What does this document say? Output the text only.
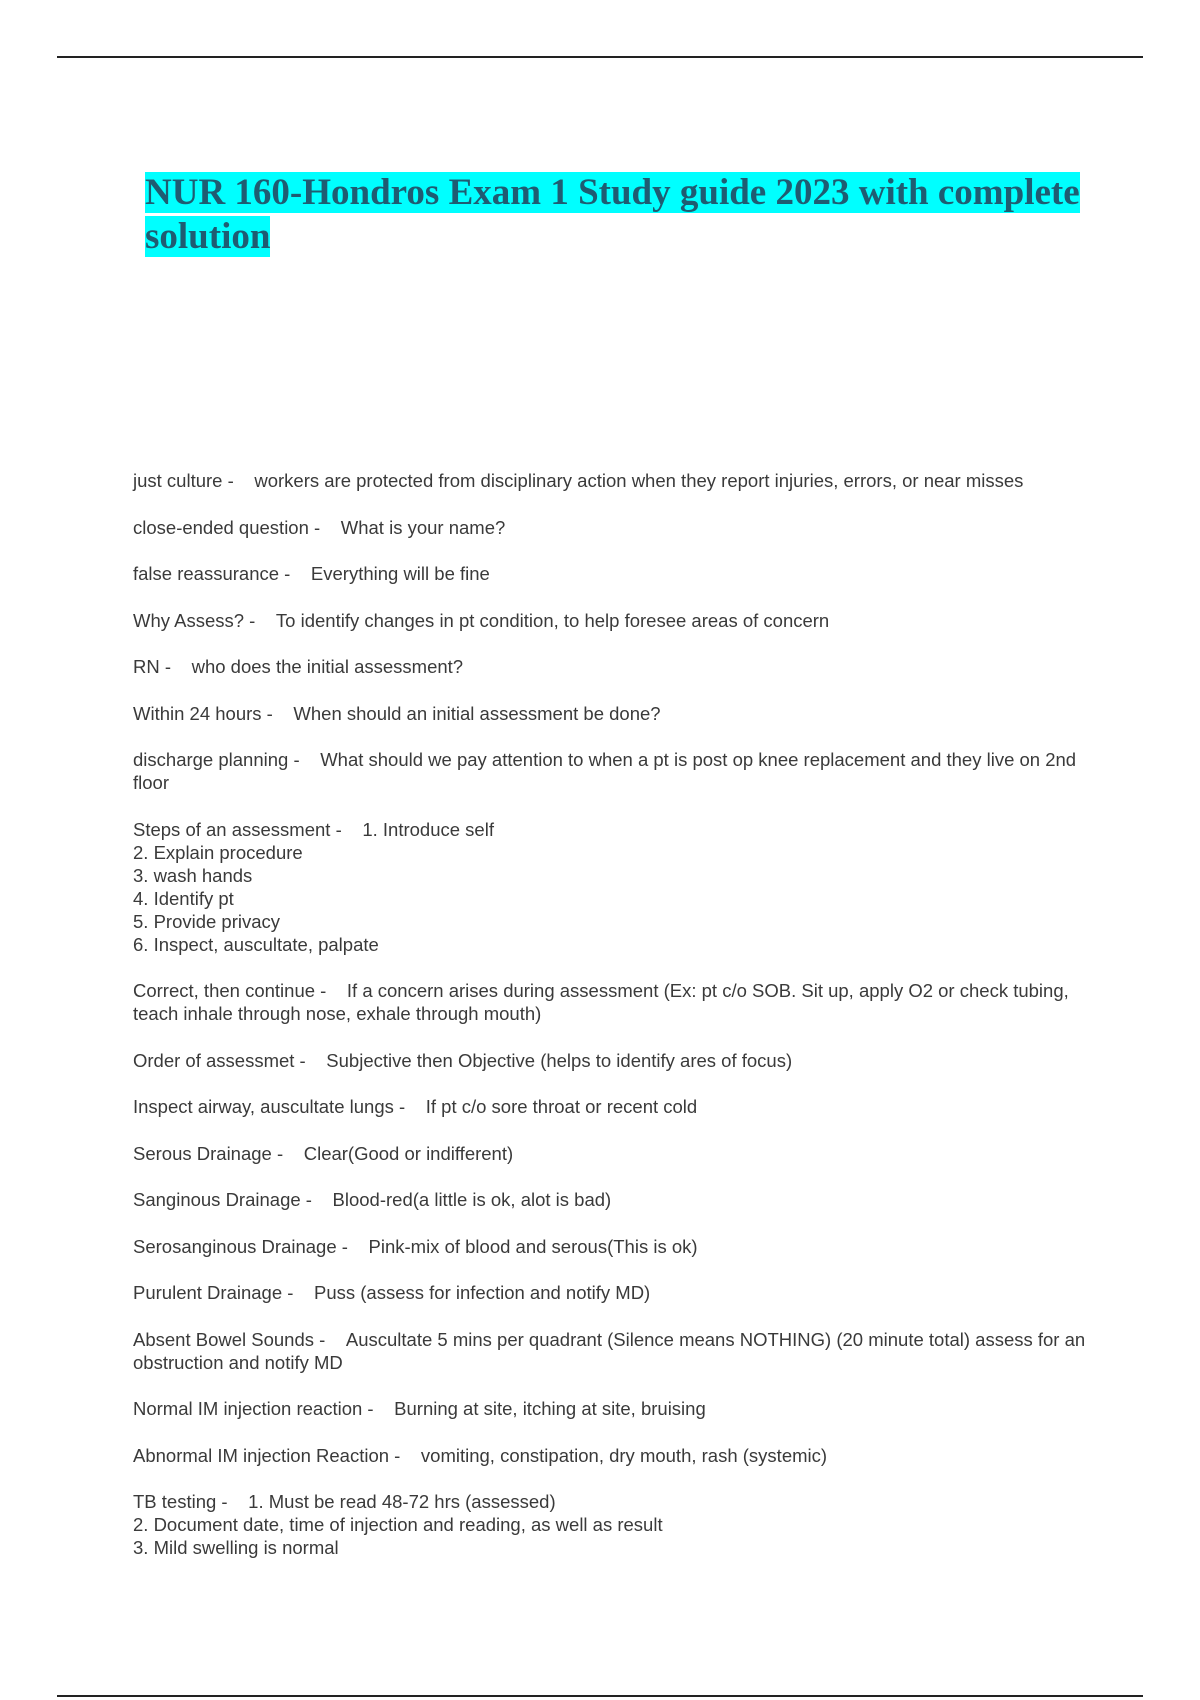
NUR 160-Hondros Exam 1 Study guide 2023 with complete solution
just culture - workers are protected from disciplinary action when they report injuries, errors, or near misses
close-ended question - What is your name?
false reassurance - Everything will be fine
Why Assess? - To identify changes in pt condition, to help foresee areas of concern
RN - who does the initial assessment?
Within 24 hours - When should an initial assessment be done?
discharge planning - What should we pay attention to when a pt is post op knee replacement and they live on 2nd floor
Steps of an assessment - 1. Introduce self
2. Explain procedure
3. wash hands
4. Identify pt
5. Provide privacy
6. Inspect, auscultate, palpate
Correct, then continue - If a concern arises during assessment (Ex: pt c/o SOB. Sit up, apply O2 or check tubing, teach inhale through nose, exhale through mouth)
Order of assessmet - Subjective then Objective (helps to identify ares of focus)
Inspect airway, auscultate lungs - If pt c/o sore throat or recent cold
Serous Drainage - Clear(Good or indifferent)
Sanginous Drainage - Blood-red(a little is ok, alot is bad)
Serosanginous Drainage - Pink-mix of blood and serous(This is ok)
Purulent Drainage - Puss (assess for infection and notify MD)
Absent Bowel Sounds - Auscultate 5 mins per quadrant (Silence means NOTHING) (20 minute total) assess for an obstruction and notify MD
Normal IM injection reaction - Burning at site, itching at site, bruising
Abnormal IM injection Reaction - vomiting, constipation, dry mouth, rash (systemic)
TB testing - 1. Must be read 48-72 hrs (assessed)
2. Document date, time of injection and reading, as well as result
3. Mild swelling is normal
